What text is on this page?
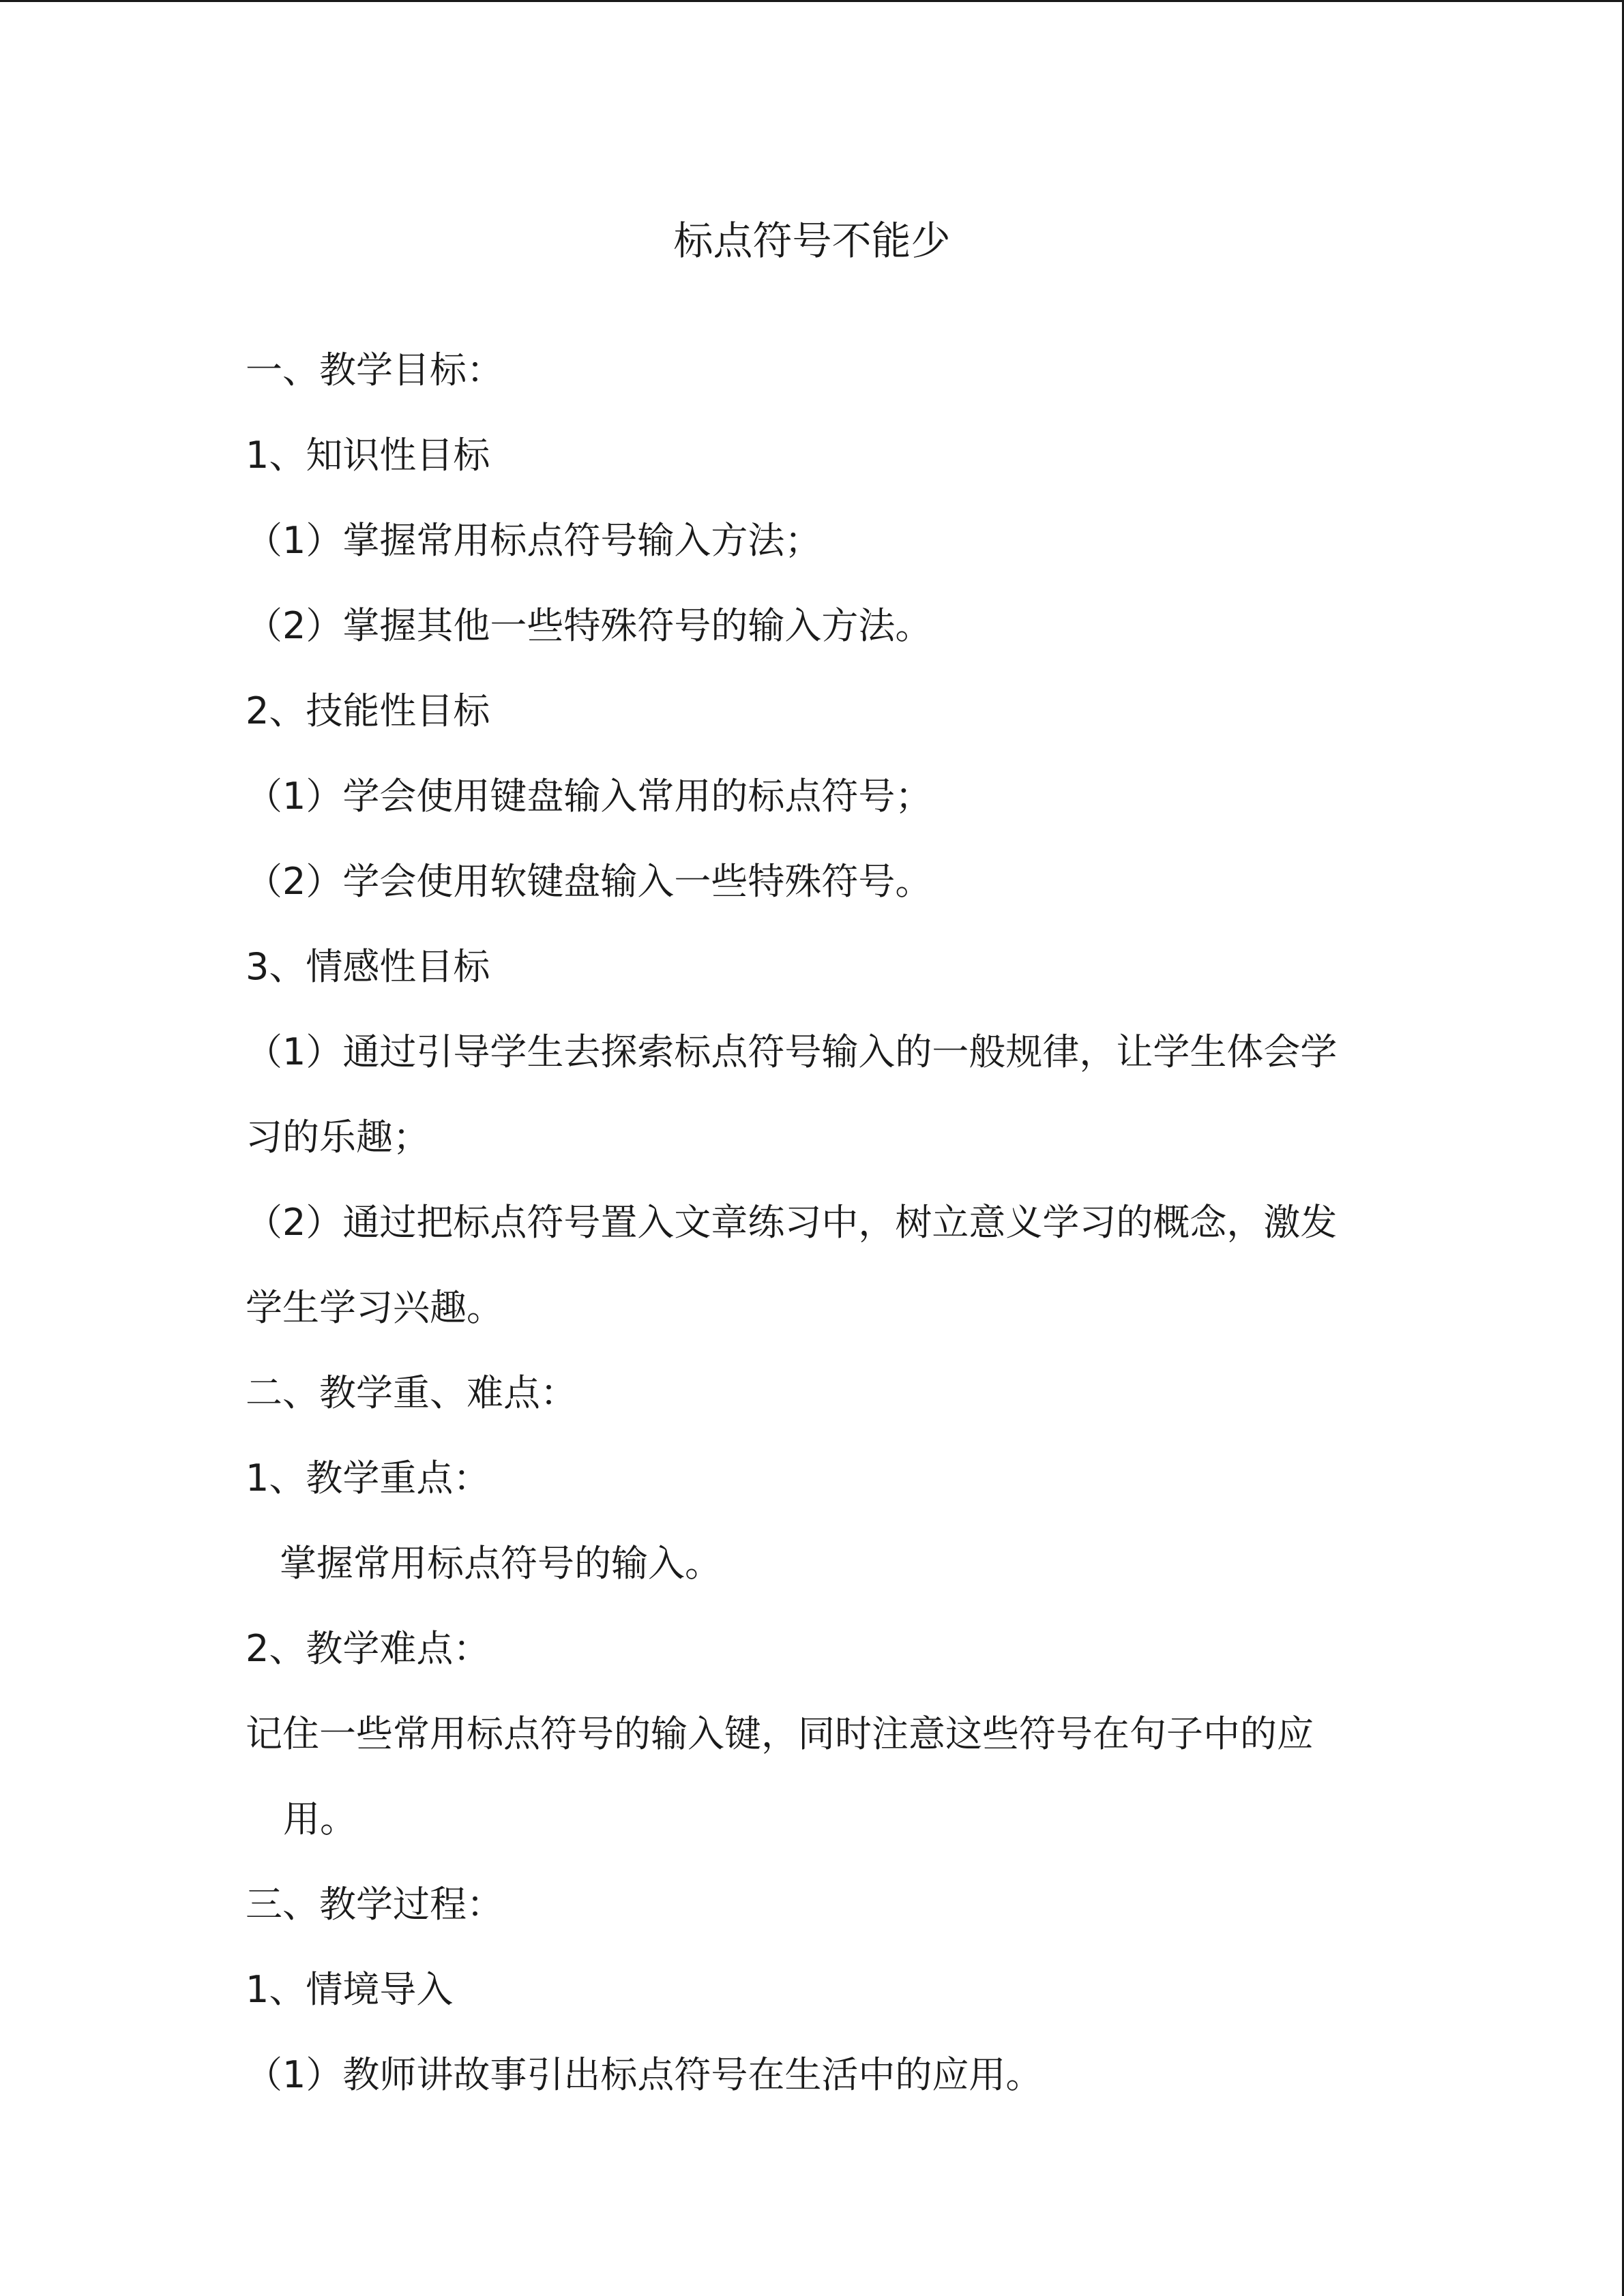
标点符号不能少
一、教学目标：
1、知识性目标
（1）掌握常用标点符号输入方法；
（2）掌握其他一些特殊符号的输入方法。
2、技能性目标
（1）学会使用键盘输入常用的标点符号；
（2）学会使用软键盘输入一些特殊符号。
3、情感性目标
（1）通过引导学生去探索标点符号输入的一般规律，让学生体会学
习的乐趣；
（2）通过把标点符号置入文章练习中，树立意义学习的概念，激发
学生学习兴趣。
二、教学重、难点：
1、教学重点：
掌握常用标点符号的输入。
2、教学难点：
记住一些常用标点符号的输入键，同时注意这些符号在句子中的应
用。
三、教学过程：
1、情境导入
（1）教师讲故事引出标点符号在生活中的应用。
